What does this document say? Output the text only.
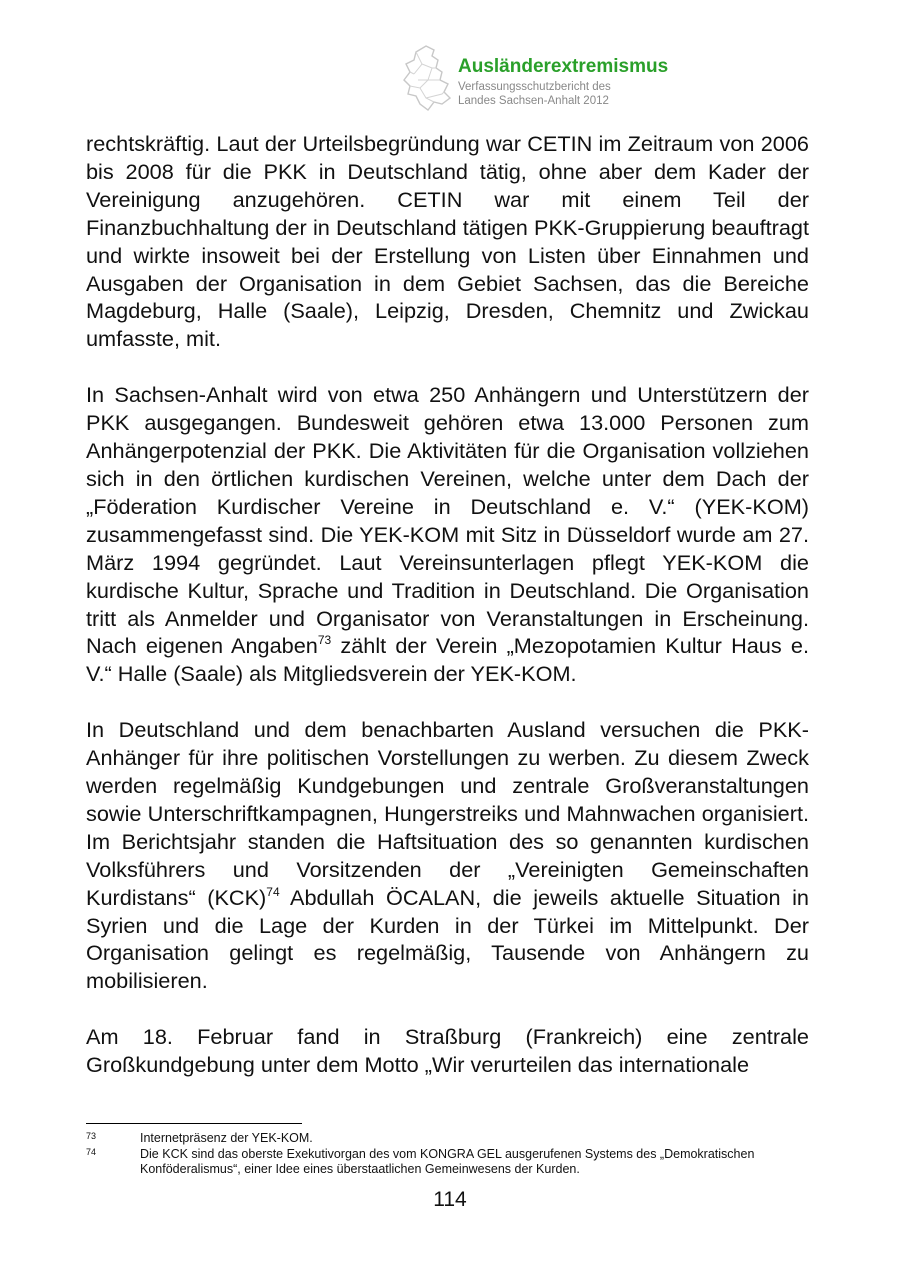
Ausländerextremismus
Verfassungsschutzbericht des
Landes Sachsen-Anhalt 2012

rechtskräftig. Laut der Urteilsbegründung war CETIN im Zeitraum von 2006 bis 2008 für die PKK in Deutschland tätig, ohne aber dem Kader der Vereinigung anzugehören. CETIN war mit einem Teil der Finanzbuchhaltung der in Deutschland tätigen PKK-Gruppierung beauftragt und wirkte insoweit bei der Erstellung von Listen über Einnahmen und Ausgaben der Organisation in dem Gebiet Sachsen, das die Bereiche Magdeburg, Halle (Saale), Leipzig, Dresden, Chemnitz und Zwickau umfasste, mit.

In Sachsen-Anhalt wird von etwa 250 Anhängern und Unterstützern der PKK ausgegangen. Bundesweit gehören etwa 13.000 Personen zum Anhängerpotenzial der PKK. Die Aktivitäten für die Organisation vollziehen sich in den örtlichen kurdischen Vereinen, welche unter dem Dach der „Föderation Kurdischer Vereine in Deutschland e. V.“ (YEK-KOM) zusammengefasst sind. Die YEK-KOM mit Sitz in Düsseldorf wurde am 27. März 1994 gegründet. Laut Vereinsunterlagen pflegt YEK-KOM die kurdische Kultur, Sprache und Tradition in Deutschland. Die Organisation tritt als Anmelder und Organisator von Veranstaltungen in Erscheinung. Nach eigenen Angaben$^{73}$ zählt der Verein „Mezopotamien Kultur Haus e. V.“ Halle (Saale) als Mitgliedsverein der YEK-KOM.

In Deutschland und dem benachbarten Ausland versuchen die PKK-Anhänger für ihre politischen Vorstellungen zu werben. Zu diesem Zweck werden regelmäßig Kundgebungen und zentrale Großveranstaltungen sowie Unterschriftkampagnen, Hungerstreiks und Mahnwachen organisiert. Im Berichtsjahr standen die Haftsituation des so genannten kurdischen Volksführers und Vorsitzenden der „Vereinigten Gemeinschaften Kurdistans“ (KCK)$^{74}$ Abdullah ÖCALAN, die jeweils aktuelle Situation in Syrien und die Lage der Kurden in der Türkei im Mittelpunkt. Der Organisation gelingt es regelmäßig, Tausende von Anhängern zu mobilisieren.

Am 18. Februar fand in Straßburg (Frankreich) eine zentrale Großkundgebung unter dem Motto „Wir verurteilen das internationale

73	Internetpräsenz der YEK-KOM.
74	Die KCK sind das oberste Exekutivorgan des vom KONGRA GEL ausgerufenen Systems des „Demokratischen Konföderalismus“, einer Idee eines überstaatlichen Gemeinwesens der Kurden.
114
